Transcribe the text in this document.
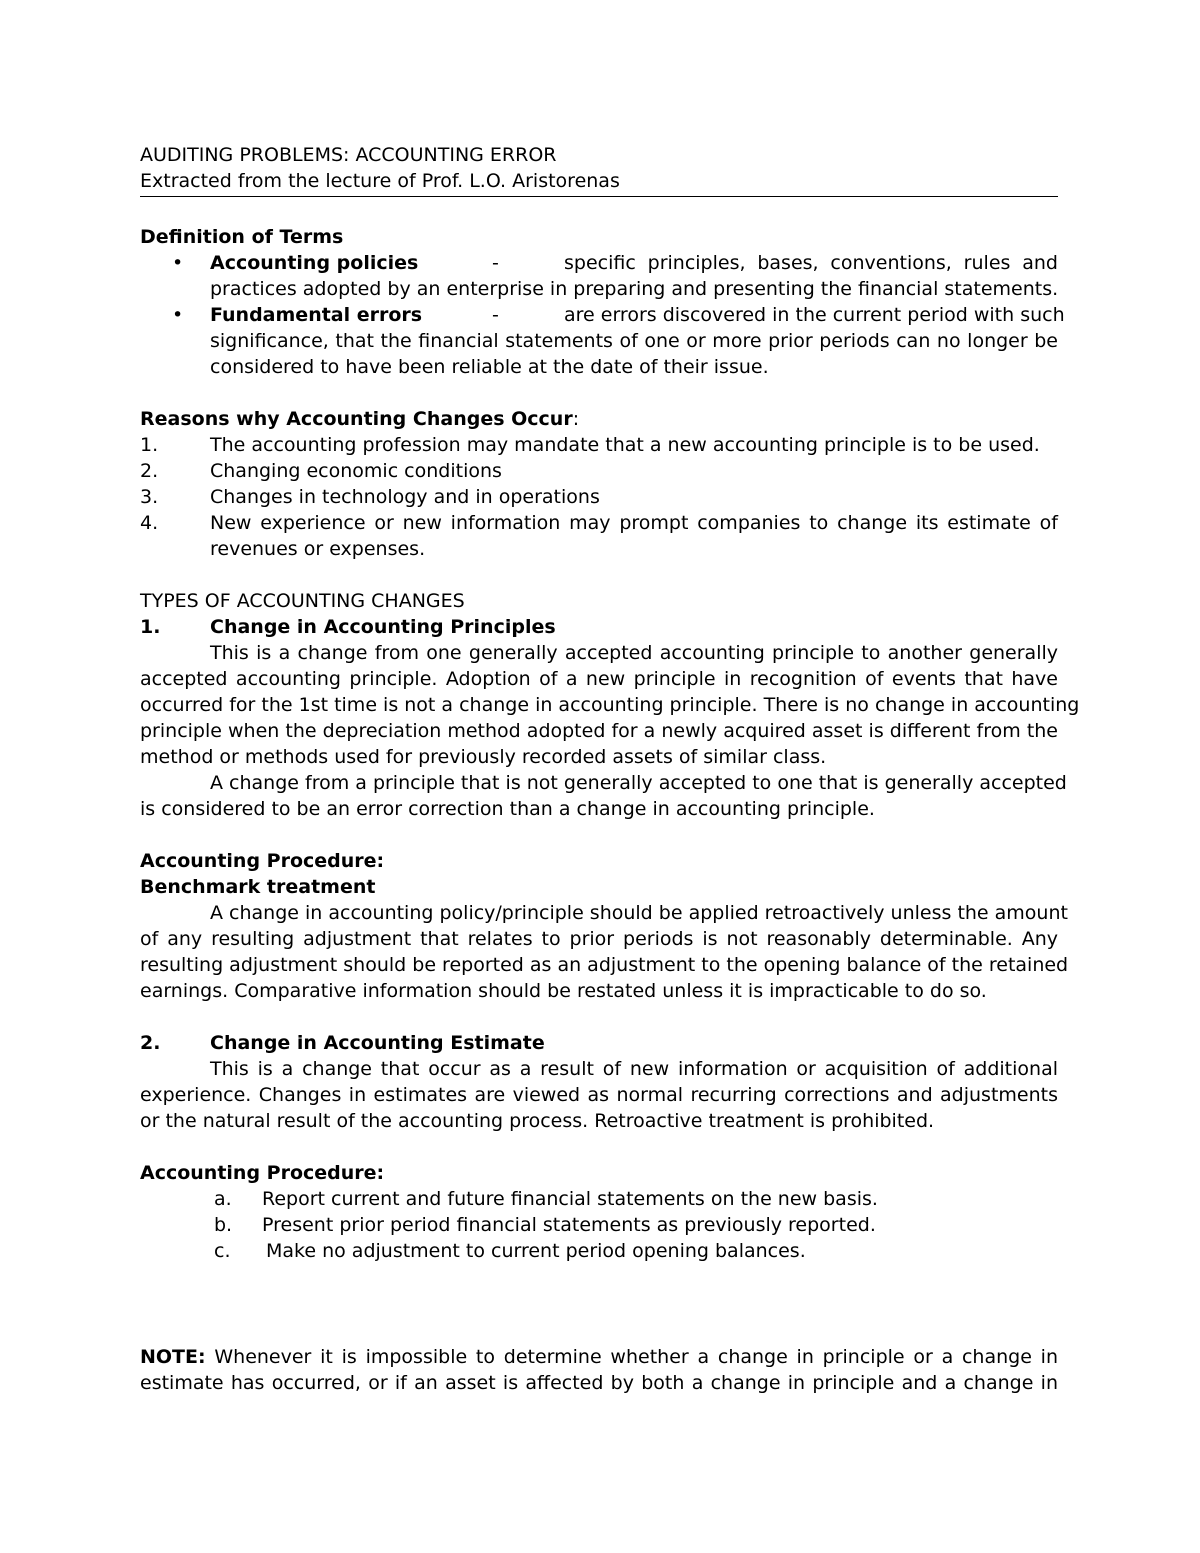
AUDITING PROBLEMS: ACCOUNTING ERROR
Extracted from the lecture of Prof. L.O. Aristorenas
Definition of Terms
• Accounting policies	-	specific principles, bases, conventions, rules and
practices adopted by an enterprise in preparing and presenting the financial statements.
• Fundamental errors	-	are errors discovered in the current period with such
significance, that the financial statements of one or more prior periods can no longer be
considered to have been reliable at the date of their issue.
Reasons why Accounting Changes Occur:
1.	The accounting profession may mandate that a new accounting principle is to be used.
2.	Changing economic conditions
3.	Changes in technology and in operations
4.	New experience or new information may prompt companies to change its estimate of
revenues or expenses.
TYPES OF ACCOUNTING CHANGES
1.	Change in Accounting Principles
This is a change from one generally accepted accounting principle to another generally
accepted accounting principle. Adoption of a new principle in recognition of events that have
occurred for the 1st time is not a change in accounting principle. There is no change in accounting
principle when the depreciation method adopted for a newly acquired asset is different from the
method or methods used for previously recorded assets of similar class.
A change from a principle that is not generally accepted to one that is generally accepted
is considered to be an error correction than a change in accounting principle.
Accounting Procedure:
Benchmark treatment
A change in accounting policy/principle should be applied retroactively unless the amount
of any resulting adjustment that relates to prior periods is not reasonably determinable. Any
resulting adjustment should be reported as an adjustment to the opening balance of the retained
earnings. Comparative information should be restated unless it is impracticable to do so.
2.	Change in Accounting Estimate
This is a change that occur as a result of new information or acquisition of additional
experience. Changes in estimates are viewed as normal recurring corrections and adjustments
or the natural result of the accounting process. Retroactive treatment is prohibited.
Accounting Procedure:
a. Report current and future financial statements on the new basis.
b. Present prior period financial statements as previously reported.
c. Make no adjustment to current period opening balances.
NOTE: Whenever it is impossible to determine whether a change in principle or a change in
estimate has occurred, or if an asset is affected by both a change in principle and a change in
